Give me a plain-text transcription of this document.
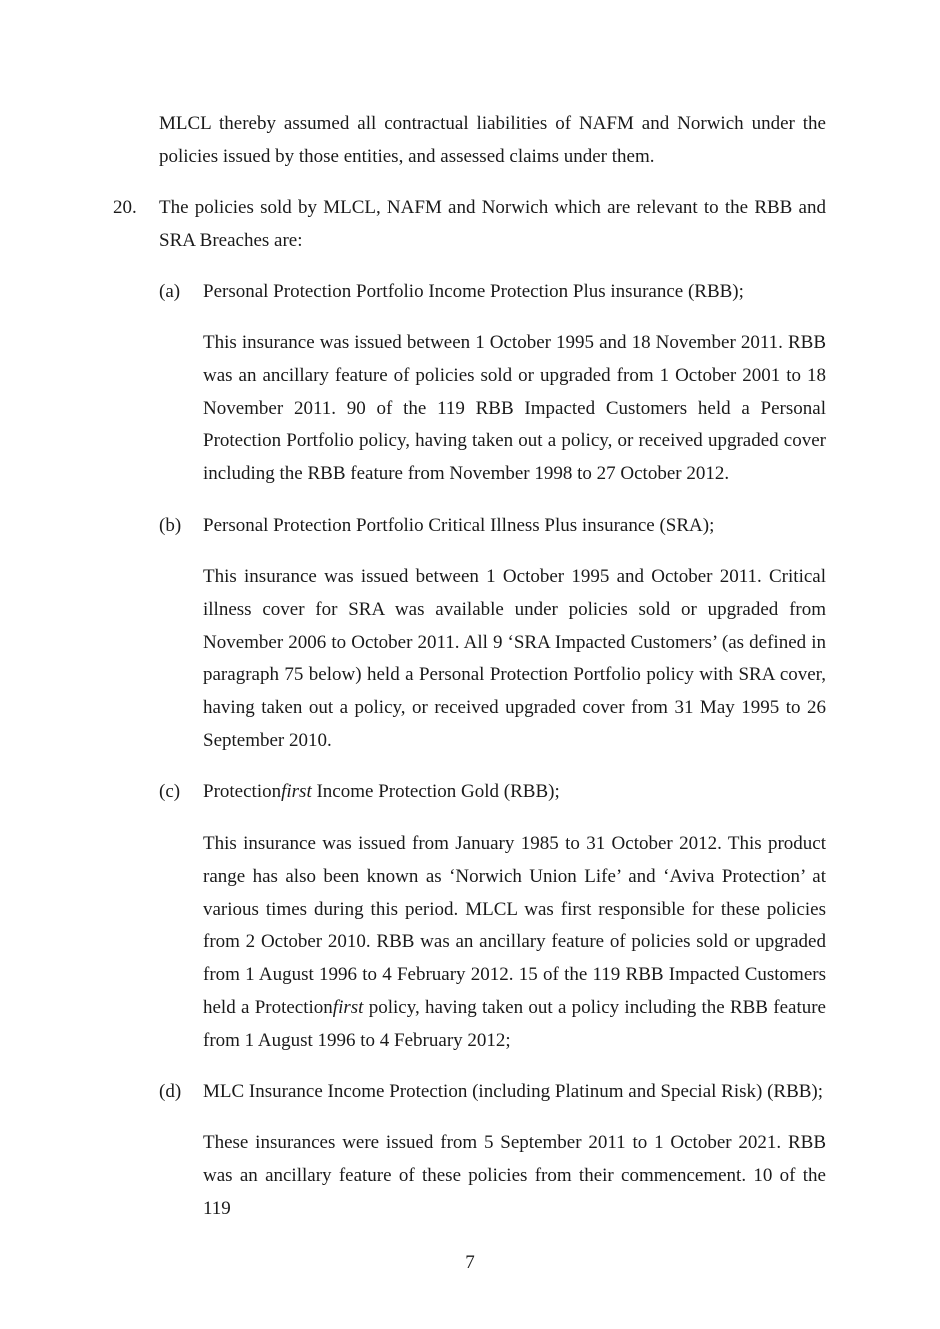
MLCL thereby assumed all contractual liabilities of NAFM and Norwich under the policies issued by those entities, and assessed claims under them.

20. The policies sold by MLCL, NAFM and Norwich which are relevant to the RBB and SRA Breaches are:

(a) Personal Protection Portfolio Income Protection Plus insurance (RBB);

This insurance was issued between 1 October 1995 and 18 November 2011. RBB was an ancillary feature of policies sold or upgraded from 1 October 2001 to 18 November 2011. 90 of the 119 RBB Impacted Customers held a Personal Protection Portfolio policy, having taken out a policy, or received upgraded cover including the RBB feature from November 1998 to 27 October 2012.

(b) Personal Protection Portfolio Critical Illness Plus insurance (SRA);

This insurance was issued between 1 October 1995 and October 2011. Critical illness cover for SRA was available under policies sold or upgraded from November 2006 to October 2011. All 9 ‘SRA Impacted Customers’ (as defined in paragraph 75 below) held a Personal Protection Portfolio policy with SRA cover, having taken out a policy, or received upgraded cover from 31 May 1995 to 26 September 2010.

(c) Protectionfirst Income Protection Gold (RBB);

This insurance was issued from January 1985 to 31 October 2012. This product range has also been known as ‘Norwich Union Life’ and ‘Aviva Protection’ at various times during this period. MLCL was first responsible for these policies from 2 October 2010. RBB was an ancillary feature of policies sold or upgraded from 1 August 1996 to 4 February 2012. 15 of the 119 RBB Impacted Customers held a Protectionfirst policy, having taken out a policy including the RBB feature from 1 August 1996 to 4 February 2012;

(d) MLC Insurance Income Protection (including Platinum and Special Risk) (RBB);

These insurances were issued from 5 September 2011 to 1 October 2021. RBB was an ancillary feature of these policies from their commencement. 10 of the 119

7
